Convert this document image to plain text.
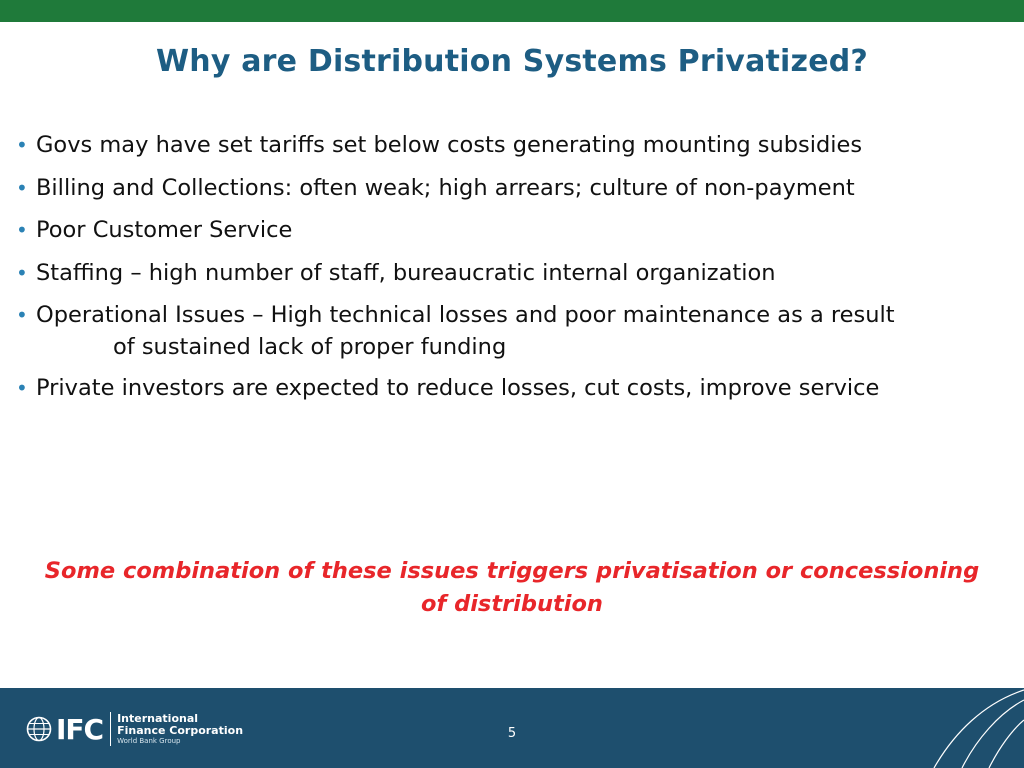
Why are Distribution Systems Privatized?
• Govs may have set tariffs set below costs generating mounting subsidies
• Billing and Collections: often weak; high arrears; culture of non-payment
• Poor Customer Service
• Staffing – high number of staff, bureaucratic internal organization
• Operational Issues – High technical losses and poor maintenance as a result
of sustained lack of proper funding
• Private investors are expected to reduce losses, cut costs, improve service
Some combination of these issues triggers privatisation or concessioning
of distribution
IFC International
Finance Corporation
World Bank Group	5
